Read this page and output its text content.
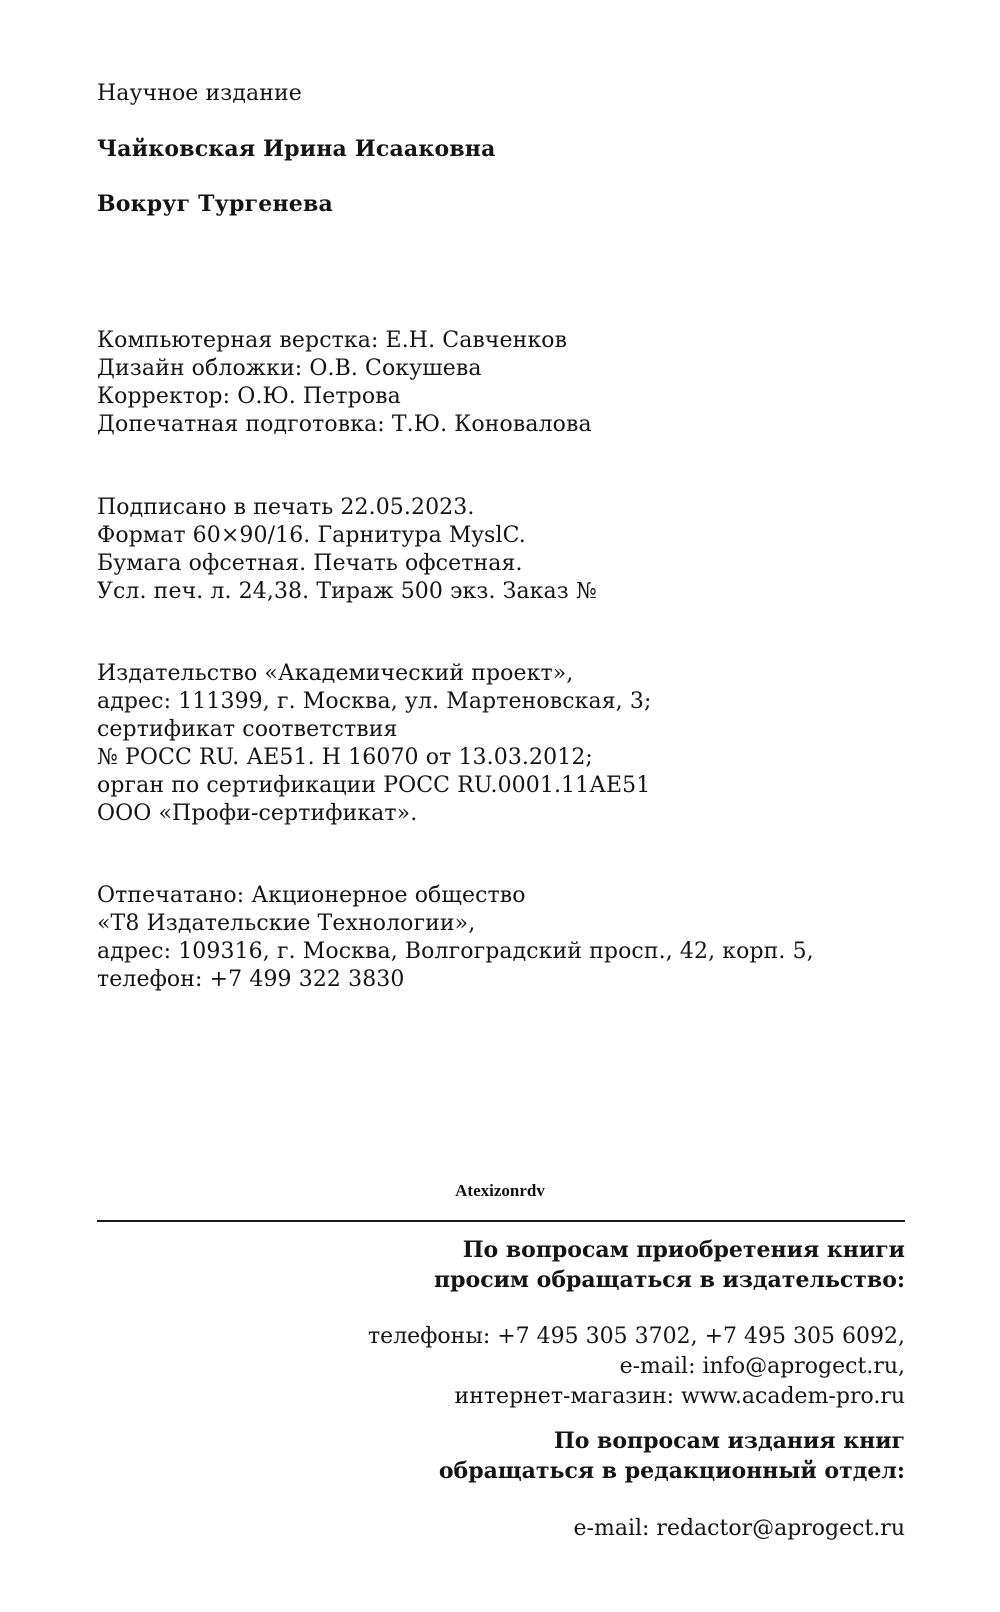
Научное издание
Чайковская Ирина Исааковна
Вокруг Тургенева
Компьютерная верстка: Е.Н. Савченков
Дизайн обложки: О.В. Сокушева
Корректор: О.Ю. Петрова
Допечатная подготовка: Т.Ю. Коновалова
Подписано в печать 22.05.2023.
Формат 60×90/16. Гарнитура MyslC.
Бумага офсетная. Печать офсетная.
Усл. печ. л. 24,38. Тираж 500 экз. Заказ №
Издательство «Академический проект»,
адрес: 111399, г. Москва, ул. Мартеновская, 3;
сертификат соответствия
№ РОСС RU. АЕ51. Н 16070 от 13.03.2012;
орган по сертификации РОСС RU.0001.11АЕ51
ООО «Профи-сертификат».
Отпечатано: Акционерное общество
«Т8 Издательские Технологии»,
адрес: 109316, г. Москва, Волгоградский просп., 42, корп. 5,
телефон: +7 499 322 3830
Atexizonrdv
По вопросам приобретения книги
просим обращаться в издательство:
телефоны: +7 495 305 3702, +7 495 305 6092,
e-mail: info@aprogect.ru,
интернет-магазин: www.academ-pro.ru
По вопросам издания книг
обращаться в редакционный отдел:
e-mail: redactor@aprogect.ru
